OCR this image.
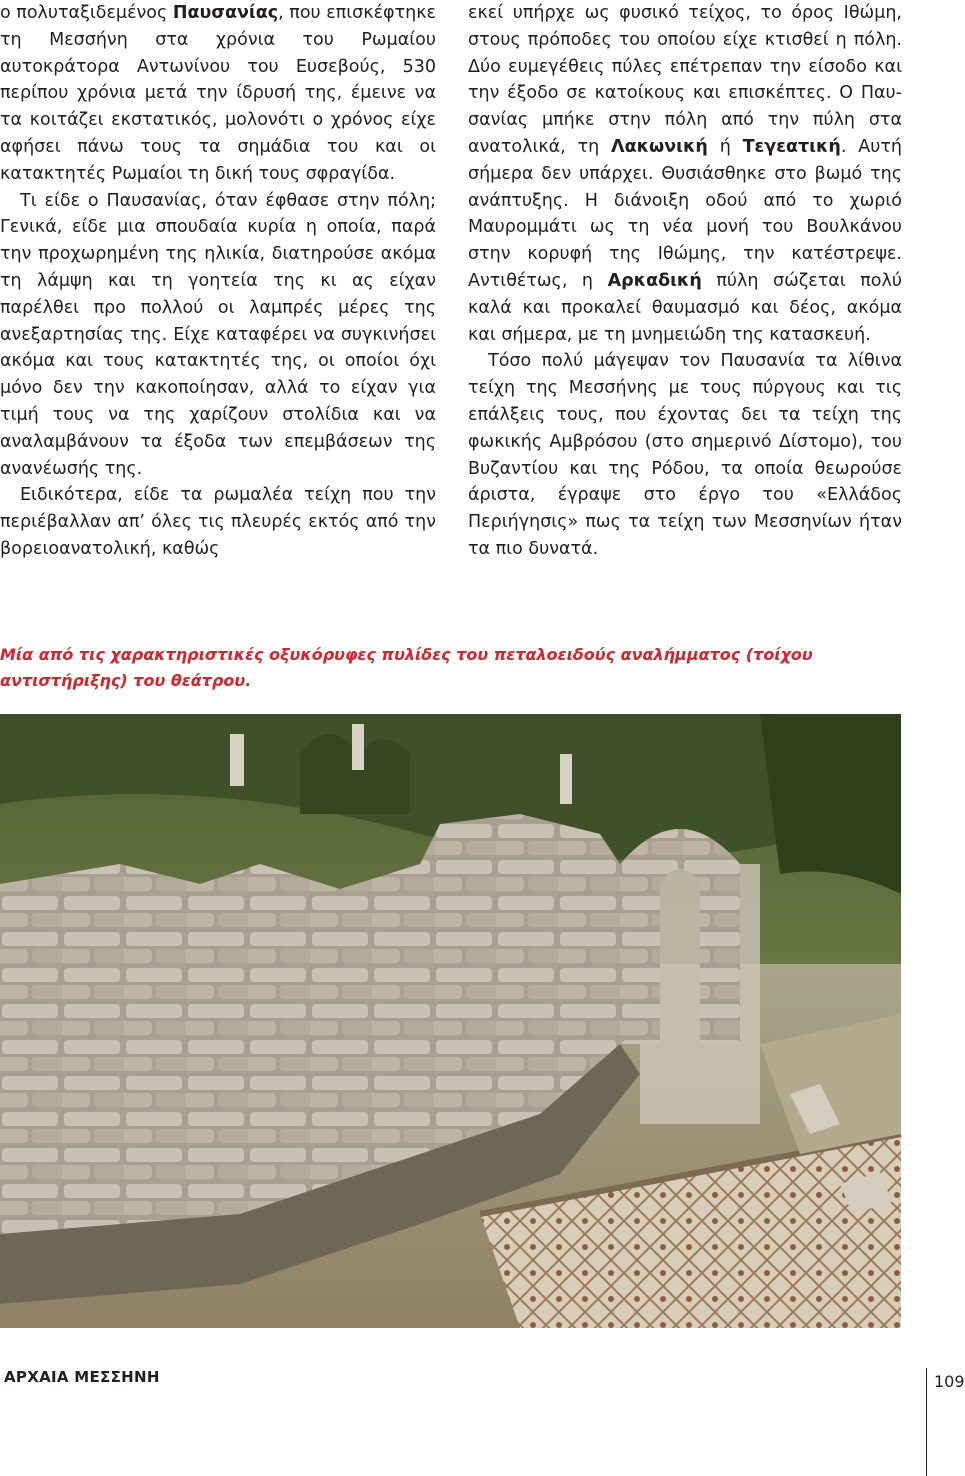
ο πολυταξιδεμένος Παυσανίας, που επισκέφτηκε τη Μεσσήνη στα χρόνια του Ρωμαίου αυτοκράτορα Αντωνίνου του Ευσεβούς, 530 περίπου χρόνια μετά την ίδρυσή της, έμεινε να τα κοιτάζει εκστατικός, μολονότι ο χρόνος είχε αφήσει πάνω τους τα σημάδια του και οι κατακτητές Ρωμαίοι τη δική τους σφραγίδα.

Τι είδε ο Παυσανίας, όταν έφθασε στην πόλη; Γενικά, είδε μια σπουδαία κυρία η οποία, παρά την προχωρημένη της ηλικία, διατηρούσε ακόμα τη λάμψη και τη γοητεία της κι ας είχαν παρέλθει προ πολλού οι λαμπρές μέρες της ανεξαρτησίας της. Είχε καταφέρει να συγκινήσει ακόμα και τους κατακτητές της, οι οποίοι όχι μόνο δεν την κακοποίησαν, αλλά το είχαν για τιμή τους να της χαρίζουν στολίδια και να αναλαμβάνουν τα έξοδα των επεμβάσεων της ανανέωσής της.

Ειδικότερα, είδε τα ρωμαλέα τείχη που την περιέβαλλαν απ’ όλες τις πλευρές εκτός από την βορειοανατολική, καθώς

εκεί υπήρχε ως φυσικό τείχος, το όρος Ιθώμη, στους πρόποδες του οποίου είχε κτισθεί η πόλη. Δύο ευμεγέθεις πύλες επέτρεπαν την είσοδο και την έξοδο σε κατοίκους και επισκέπτες. Ο Παυσανίας μπήκε στην πόλη από την πύλη στα ανατολικά, τη Λακωνική ή Τεγεατική. Αυτή σήμερα δεν υπάρχει. Θυσιάσθηκε στο βωμό της ανάπτυξης. Η διάνοιξη οδού από το χωριό Μαυρομμάτι ως τη νέα μονή του Βουλκάνου στην κορυφή της Ιθώμης, την κατέστρεψε. Αντιθέτως, η Αρκαδική πύλη σώζεται πολύ καλά και προκαλεί θαυμασμό και δέος, ακόμα και σήμερα, με τη μνημειώδη της κατασκευή.

Τόσο πολύ μάγεψαν τον Παυσανία τα λίθινα τείχη της Μεσσήνης με τους πύργους και τις επάλξεις τους, που έχοντας δει τα τείχη της φωκικής Αμβρόσου (στο σημερινό Δίστομο), του Βυζαντίου και της Ρόδου, τα οποία θεωρούσε άριστα, έγραψε στο έργο του «Ελλάδος Περιήγησις» πως τα τείχη των Μεσσηνίων ήταν τα πιο δυνατά.

Μία από τις χαρακτηριστικές οξυκόρυφες πυλίδες του πεταλοειδούς αναλήμματος (τοίχου αντιστήριξης) του θεάτρου.
ΑΡΧΑΙΑ ΜΕΣΣΗΝΗ	109
